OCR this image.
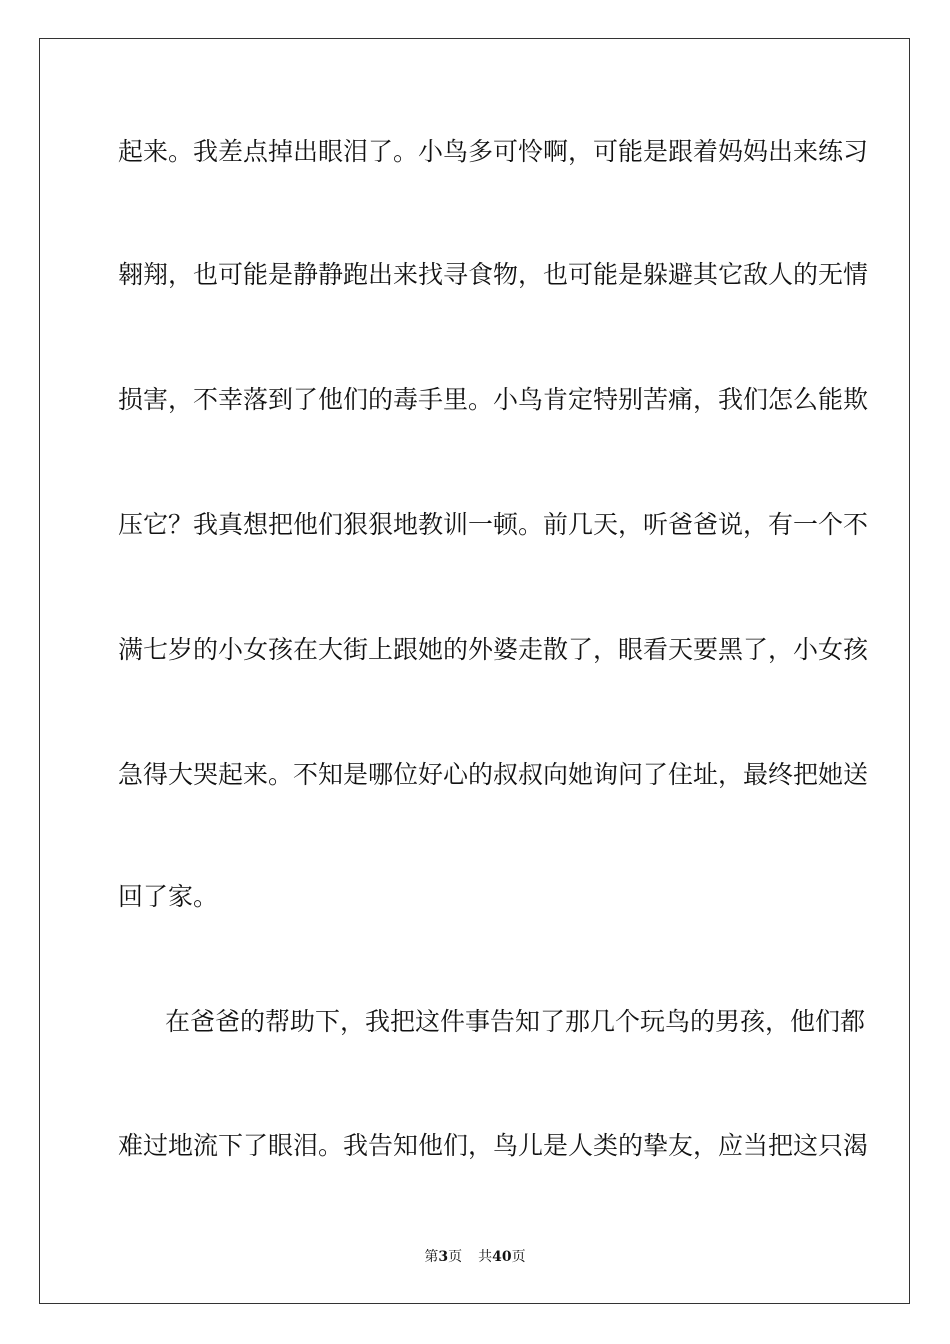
起来。我差点掉出眼泪了。小鸟多可怜啊，可能是跟着妈妈出来练习
翱翔，也可能是静静跑出来找寻食物，也可能是躲避其它敌人的无情
损害，不幸落到了他们的毒手里。小鸟肯定特别苦痛，我们怎么能欺
压它？我真想把他们狠狠地教训一顿。前几天，听爸爸说，有一个不
满七岁的小女孩在大街上跟她的外婆走散了，眼看天要黑了，小女孩
急得大哭起来。不知是哪位好心的叔叔向她询问了住址，最终把她送
回了家。
在爸爸的帮助下，我把这件事告知了那几个玩鸟的男孩，他们都
难过地流下了眼泪。我告知他们，鸟儿是人类的挚友，应当把这只渴
第3页 共40页
